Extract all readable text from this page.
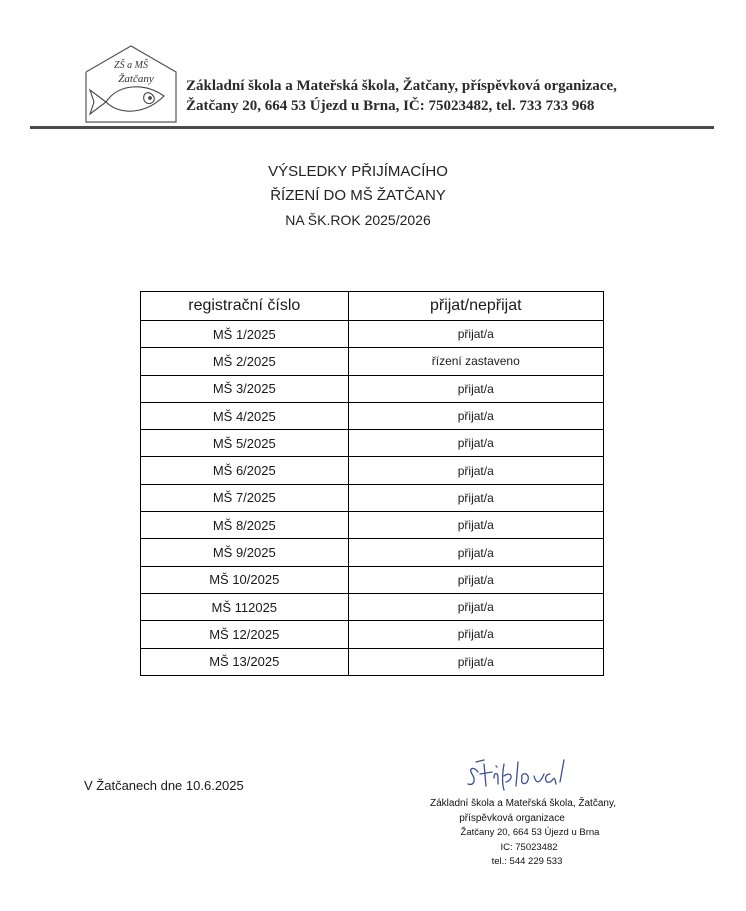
ZŠ a MŠ
Žatčany Základní škola a Mateřská škola, Žatčany, příspěvková organizace,
Žatčany 20, 664 53 Újezd u Brna, IČ: 75023482, tel. 733 733 968
VÝSLEDKY PŘIJÍMACÍHO
ŘÍZENÍ DO MŠ ŽATČANY
NA ŠK.ROK 2025/2026
registrační číslo	přijat/nepřijat
MŠ 1/2025	přijat/a
MŠ 2/2025	řízení zastaveno
MŠ 3/2025	přijat/a
MŠ 4/2025	přijat/a
MŠ 5/2025	přijat/a
MŠ 6/2025	přijat/a
MŠ 7/2025	přijat/a
MŠ 8/2025	přijat/a
MŠ 9/2025	přijat/a
MŠ 10/2025	přijat/a
MŠ 112025	přijat/a
MŠ 12/2025	přijat/a
MŠ 13/2025	přijat/a
V Žatčanech dne 10.6.2025
Základní škola a Mateřská škola, Žatčany,
příspěvková organizace
Žatčany 20, 664 53 Újezd u Brna
IC: 75023482
tel.: 544 229 533
